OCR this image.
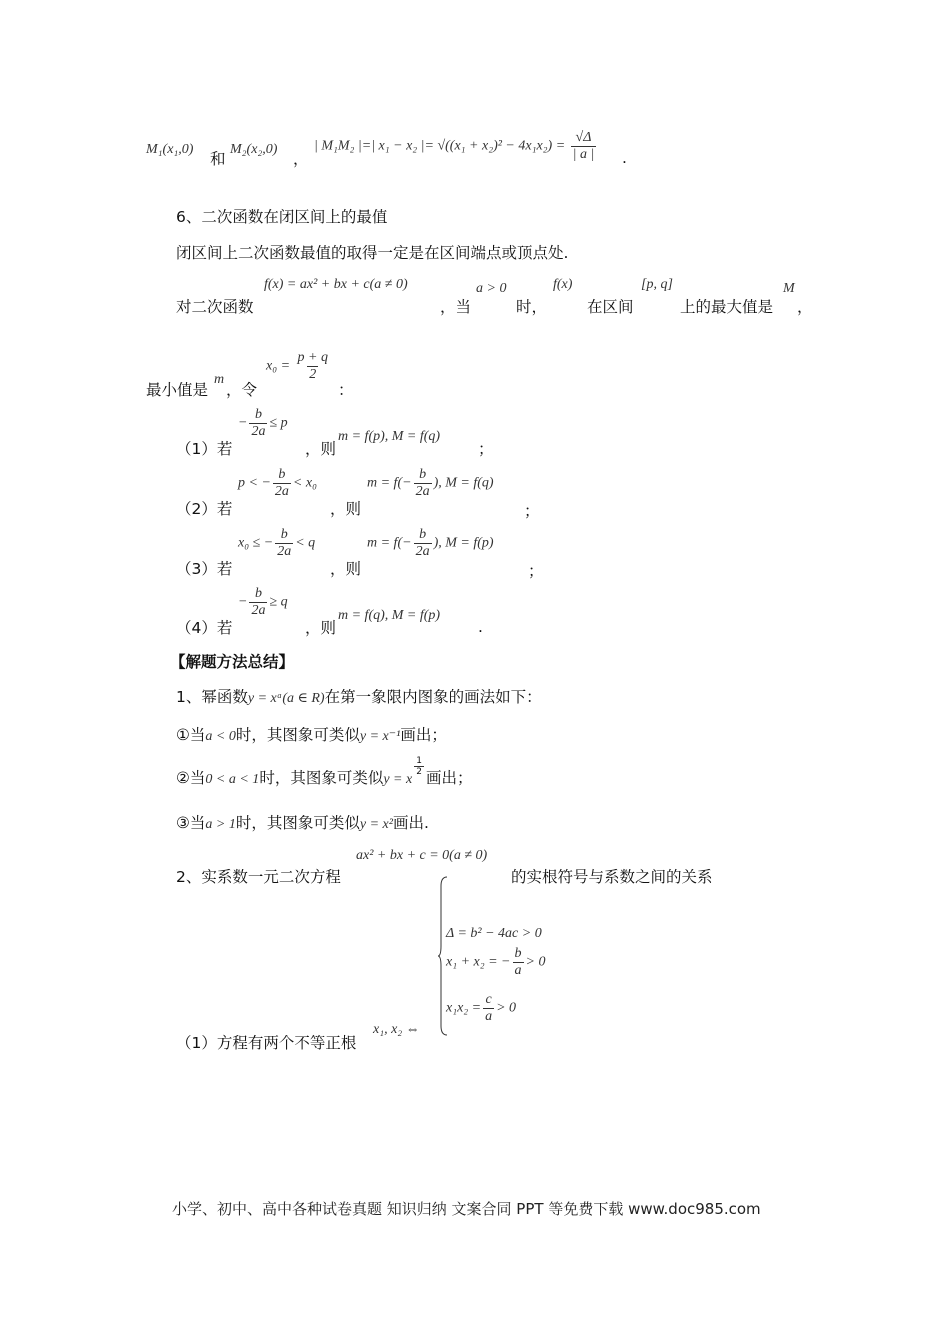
M₁(x₁,0)
和
M₂(x₂,0)
，
| M₁M₂ |=| x₁ − x₂ |= $√((x_1 + x_2)^2 - 4x_1x_2) = \frac{√\Delta}{| a |}$ .
6、二次函数在闭区间上的最值
闭区间上二次函数最值的取得一定是在区间端点或顶点处.
对二次函数
f(x) = ax² + bx + c(a ≠ 0)
，当
a > 0
时，
f(x)
在区间
[p, q]
上的最大值是
M
，
最小值是
m
，令
$x_0 = \frac{p + q}{2}$
：
（1）若
− $\frac{b}{2a} \le p$
，则
m = f(p), M = f(q)
；
（2）若
p < − $\frac{b}{2a} < x_0$
，则
$m = f(- \frac{b}{2a}$ ), M = f(q)
；
（3）若
x₀ ≤ − $\frac{b}{2a} < q$
，则
$m = f(- \frac{b}{2a}$ ), M = f(p)
；
（4）若
− $\frac{b}{2a} \ge q$
，则
m = f(q), M = f(p)
.
【解题方法总结】
1、幂函数y = xᵃ(a ∈ R)在第一象限内图象的画法如下：
①当a < 0时，其图象可类似y = x⁻¹画出；
②当0 < a < 1时，其图象可类似y = x
$\frac{1}{2}$
画出；
③当a > 1时，其图象可类似y = x²画出.
2、实系数一元二次方程
ax² + bx + c = 0(a ≠ 0)
的实根符号与系数之间的关系
（1）方程有两个不等正根
x₁, x₂ ⇔
Δ = b² − 4ac > 0
x₁ + x₂ = − $\frac{b}{a} > 0$
$x_1x_2 = \frac{c}{a} > 0$
小学、初中、高中各种试卷真题 知识归纳 文案合同 PPT 等免费下载 www.doc985.com
